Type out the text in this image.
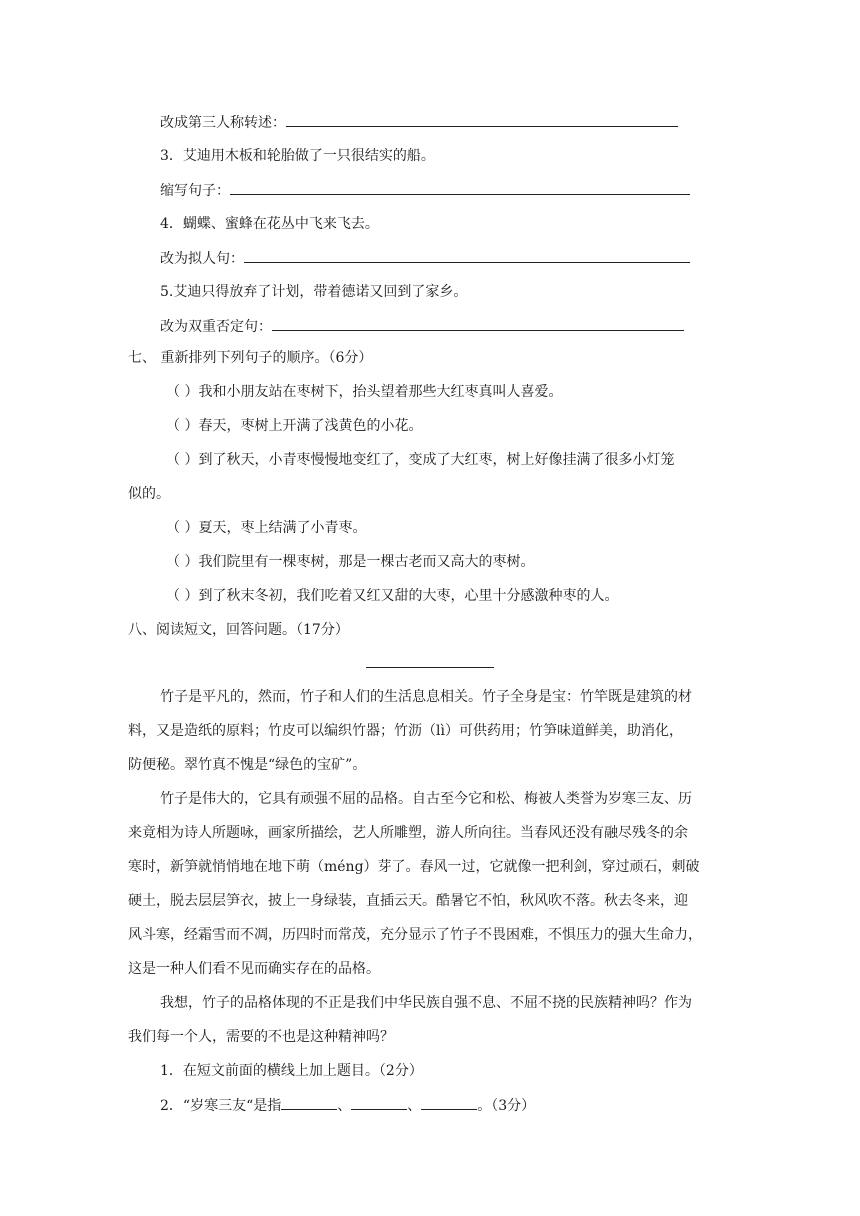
改成第三人称转述：
3．艾迪用木板和轮胎做了一只很结实的船。
缩写句子：
4．蝴蝶、蜜蜂在花丛中飞来飞去。
改为拟人句：
5.艾迪只得放弃了计划，带着德诺又回到了家乡。
改为双重否定句：
七、 重新排列下列句子的顺序。（6分）
（ ）我和小朋友站在枣树下，抬头望着那些大红枣真叫人喜爱。
（ ）春天，枣树上开满了浅黄色的小花。
（ ）到了秋天，小青枣慢慢地变红了，变成了大红枣，树上好像挂满了很多小灯笼
似的。
（ ）夏天，枣上结满了小青枣。
（ ）我们院里有一棵枣树，那是一棵古老而又高大的枣树。
（ ）到了秋末冬初，我们吃着又红又甜的大枣，心里十分感激种枣的人。
八、阅读短文，回答问题。（17分）
竹子是平凡的，然而，竹子和人们的生活息息相关。竹子全身是宝：竹竿既是建筑的材
料，又是造纸的原料；竹皮可以编织竹器；竹沥（lì）可供药用；竹笋味道鲜美，助消化，
防便秘。翠竹真不愧是“绿色的宝矿”。
竹子是伟大的，它具有顽强不屈的品格。自古至今它和松、梅被人类誉为岁寒三友、历
来竟相为诗人所题咏，画家所描绘，艺人所雕塑，游人所向往。当春风还没有融尽残冬的余
寒时，新笋就悄悄地在地下萌（méng）芽了。春风一过，它就像一把利剑，穿过顽石，刺破
硬土，脱去层层笋衣，披上一身绿装，直插云天。酷暑它不怕，秋风吹不落。秋去冬来，迎
风斗寒，经霜雪而不凋，历四时而常茂，充分显示了竹子不畏困难，不惧压力的强大生命力，
这是一种人们看不见而确实存在的品格。
我想，竹子的品格体现的不正是我们中华民族自强不息、不屈不挠的民族精神吗？作为
我们每一个人，需要的不也是这种精神吗？
1．在短文前面的横线上加上题目。（2分）
2．“岁寒三友“是指	、	、	。（3分）
